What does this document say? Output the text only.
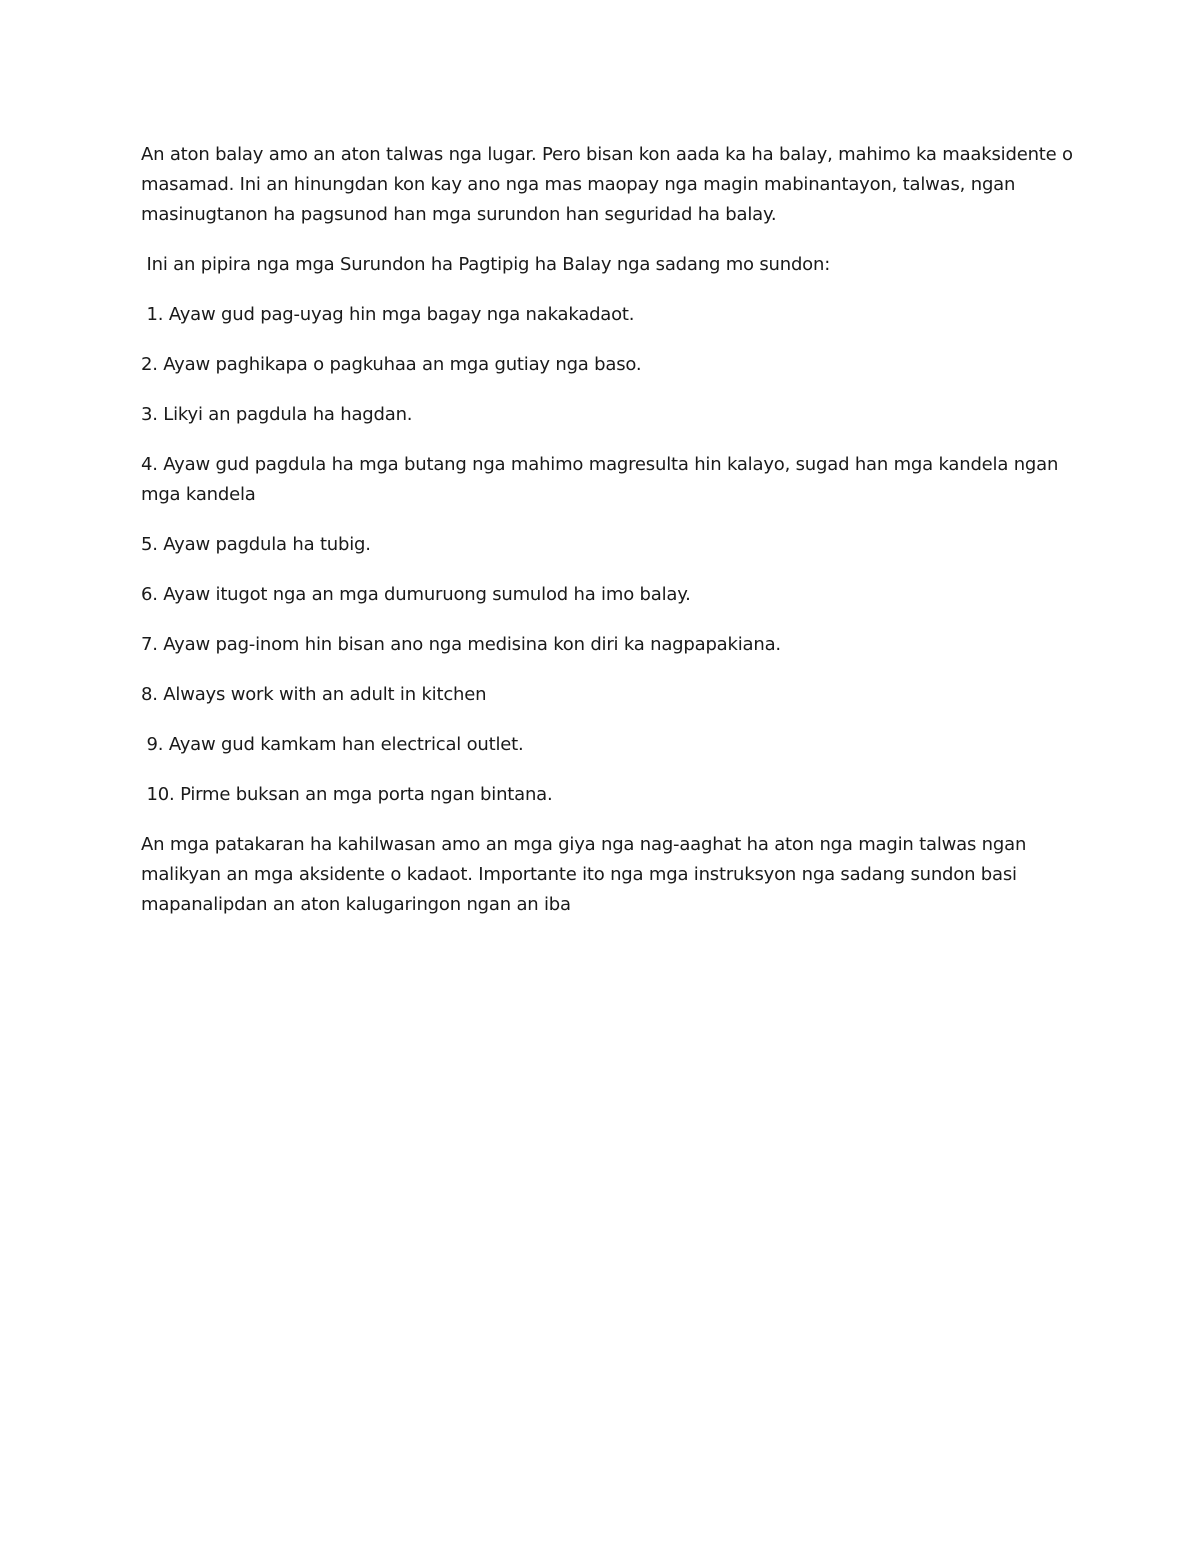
An aton balay amo an aton talwas nga lugar. Pero bisan kon aada ka ha balay, mahimo ka maaksidente o
masamad. Ini an hinungdan kon kay ano nga mas maopay nga magin mabinantayon, talwas, ngan
masinugtanon ha pagsunod han mga surundon han seguridad ha balay.

Ini an pipira nga mga Surundon ha Pagtipig ha Balay nga sadang mo sundon:

1. Ayaw gud pag-uyag hin mga bagay nga nakakadaot.

2. Ayaw paghikapa o pagkuhaa an mga gutiay nga baso.

3. Likyi an pagdula ha hagdan.

4. Ayaw gud pagdula ha mga butang nga mahimo magresulta hin kalayo, sugad han mga kandela ngan
mga kandela

5. Ayaw pagdula ha tubig.

6. Ayaw itugot nga an mga dumuruong sumulod ha imo balay.

7. Ayaw pag-inom hin bisan ano nga medisina kon diri ka nagpapakiana.

8. Always work with an adult in kitchen

9. Ayaw gud kamkam han electrical outlet.

10. Pirme buksan an mga porta ngan bintana.

An mga patakaran ha kahilwasan amo an mga giya nga nag-aaghat ha aton nga magin talwas ngan
malikyan an mga aksidente o kadaot. Importante ito nga mga instruksyon nga sadang sundon basi
mapanalipdan an aton kalugaringon ngan an iba
